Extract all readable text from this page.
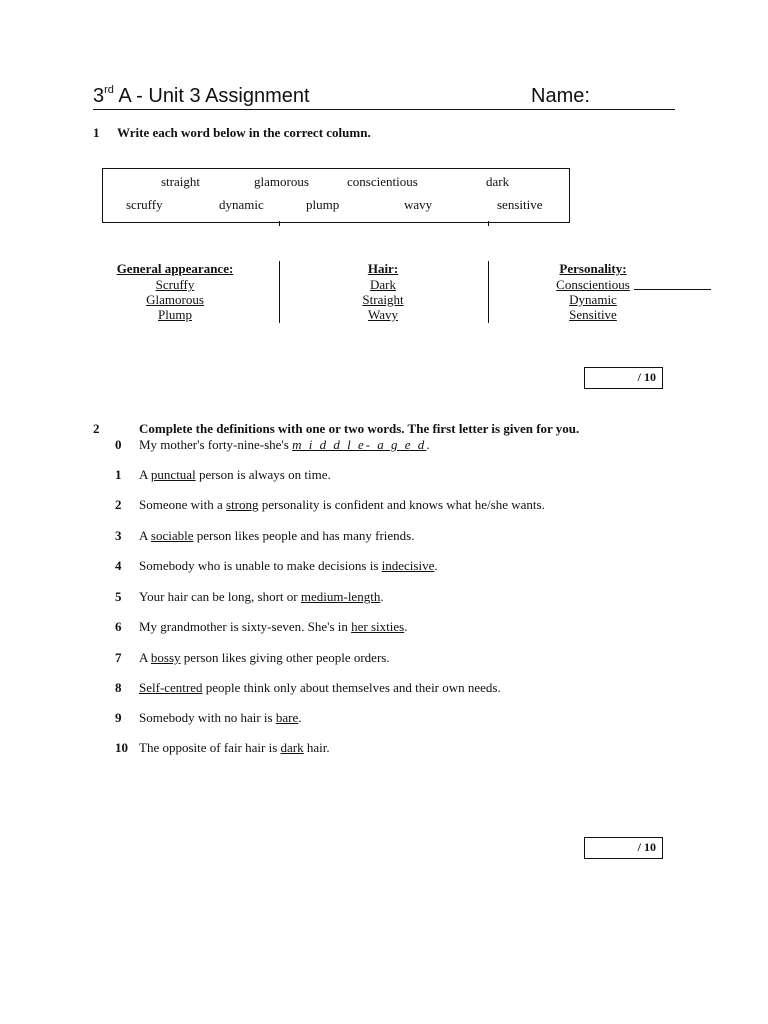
3rd A - Unit 3 Assignment	Name:
1 Write each word below in the correct column.
straight	glamorous	conscientious	dark
scruffy	dynamic	plump	wavy	sensitive
General appearance:
Scruffy
Glamorous
Plump
Hair:
Dark
Straight
Wavy
Personality:
Conscientious
Dynamic
Sensitive
/ 10
2	Complete the definitions with one or two words. The first letter is given for you.
0	My mother's forty-nine-she's m i d d l e- a g e d.
1	A punctual person is always on time.
2	Someone with a strong personality is confident and knows what he/she wants.
3	A sociable person likes people and has many friends.
4	Somebody who is unable to make decisions is indecisive.
5	Your hair can be long, short or medium-length.
6	My grandmother is sixty-seven. She's in her sixties.
7	A bossy person likes giving other people orders.
8	Self-centred people think only about themselves and their own needs.
9	Somebody with no hair is bare.
10 The opposite of fair hair is dark hair.
/ 10
